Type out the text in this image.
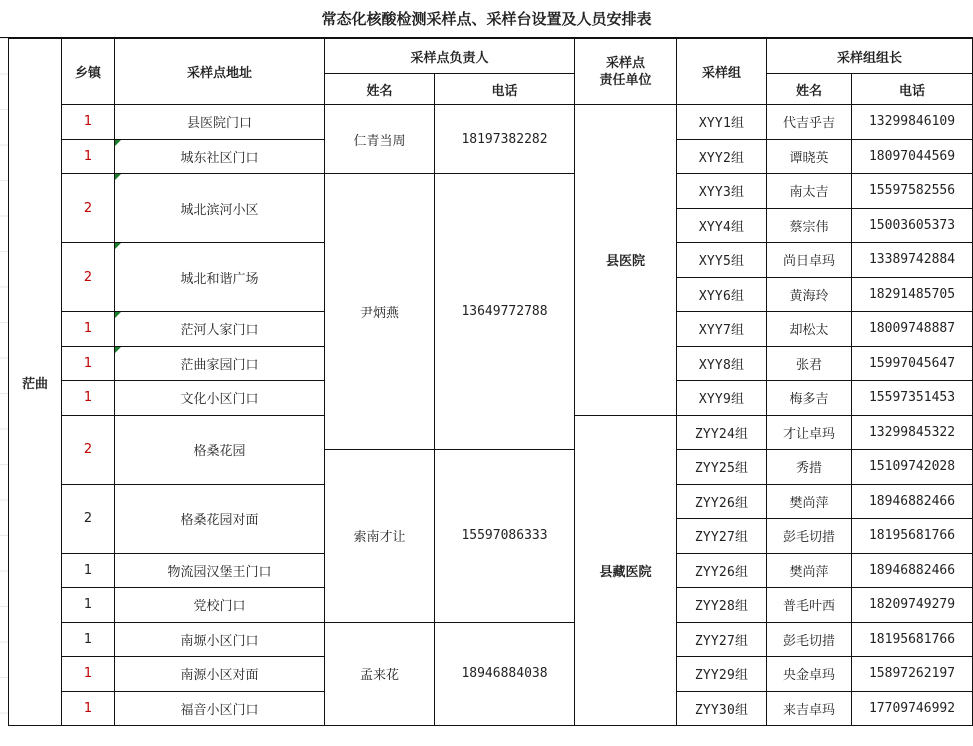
常态化核酸检测采样点、采样台设置及人员安排表
茫曲	乡镇	采样点地址	采样点负责人		采样点
责任单位	采样组	采样组组长	
			姓名	电话			姓名	电话
	1	县医院门口	仁青当周	18197382282	县医院	XYY1组	代吉乎吉	13299846109
	1	城东社区门口				XYY2组	谭晓英	18097044569
	2	城北滨河小区	尹炳燕	13649772788		XYY3组	南太吉	15597582556
						XYY4组	蔡宗伟	15003605373
	2	城北和谐广场				XYY5组	尚日卓玛	13389742884
						XYY6组	黄海玲	18291485705
	1	茫河人家门口				XYY7组	却松太	18009748887
	1	茫曲家园门口				XYY8组	张君	15997045647
	1	文化小区门口				XYY9组	梅多吉	15597351453
	2	格桑花园			县藏医院	ZYY24组	才让卓玛	13299845322
			索南才让	15597086333		ZYY25组	秀措	15109742028
	2	格桑花园对面				ZYY26组	樊尚萍	18946882466
						ZYY27组	彭毛切措	18195681766
	1	物流园汉堡王门口				ZYY26组	樊尚萍	18946882466
	1	党校门口				ZYY28组	普毛叶西	18209749279
	1	南塬小区门口	孟来花	18946884038		ZYY27组	彭毛切措	18195681766
	1	南源小区对面				ZYY29组	央金卓玛	15897262197
	1	福音小区门口				ZYY30组	来吉卓玛	17709746992
